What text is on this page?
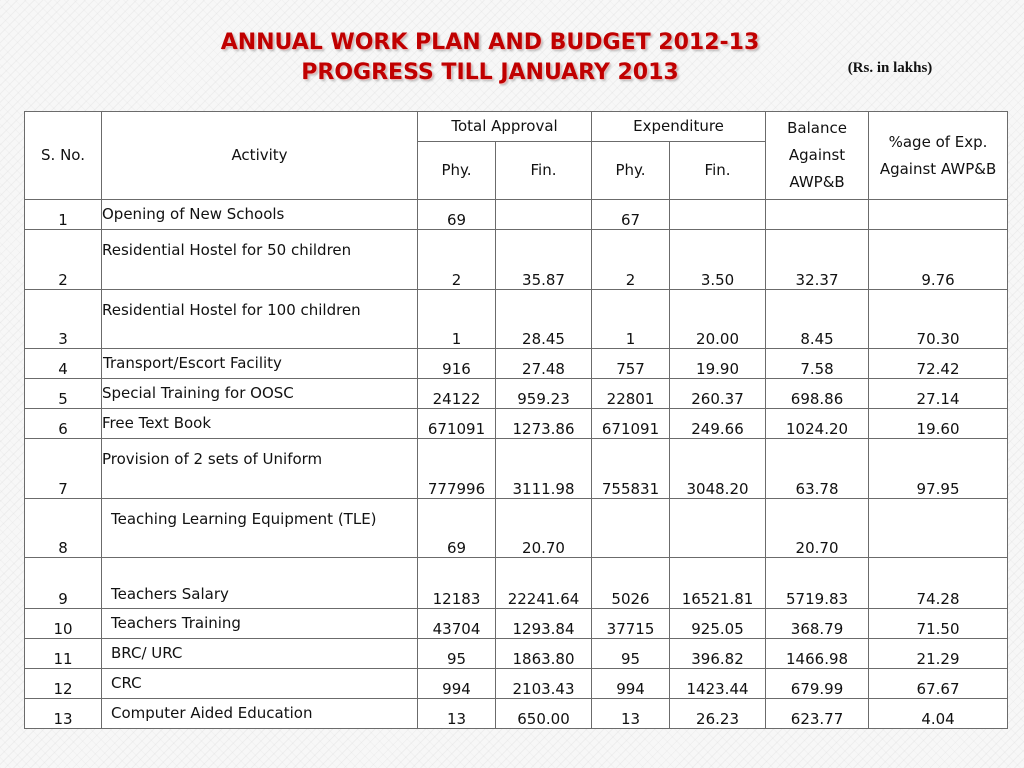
ANNUAL WORK PLAN AND BUDGET 2012-13
PROGRESS TILL JANUARY 2013	(Rs. in lakhs)
S. No.	Activity	Total Approval		Expenditure		Balance Against AWP&B	%age of Exp. Against AWP&B
		Phy.	Fin.	Phy.	Fin.		
1	Opening of New Schools	69		67			
2	Residential Hostel for 50 children	2	35.87	2	3.50	32.37	9.76
3	Residential Hostel for 100 children	1	28.45	1	20.00	8.45	70.30
4	Transport/Escort Facility	916	27.48	757	19.90	7.58	72.42
5	Special Training for OOSC	24122	959.23	22801	260.37	698.86	27.14
6	Free Text Book	671091	1273.86	671091	249.66	1024.20	19.60
7	Provision of 2 sets of Uniform	777996	3111.98	755831	3048.20	63.78	97.95
8	Teaching Learning Equipment (TLE)	69	20.70			20.70	
9	Teachers Salary	12183	22241.64	5026	16521.81	5719.83	74.28
10	Teachers Training	43704	1293.84	37715	925.05	368.79	71.50
11	BRC/ URC	95	1863.80	95	396.82	1466.98	21.29
12	CRC	994	2103.43	994	1423.44	679.99	67.67
13	Computer Aided Education	13	650.00	13	26.23	623.77	4.04
